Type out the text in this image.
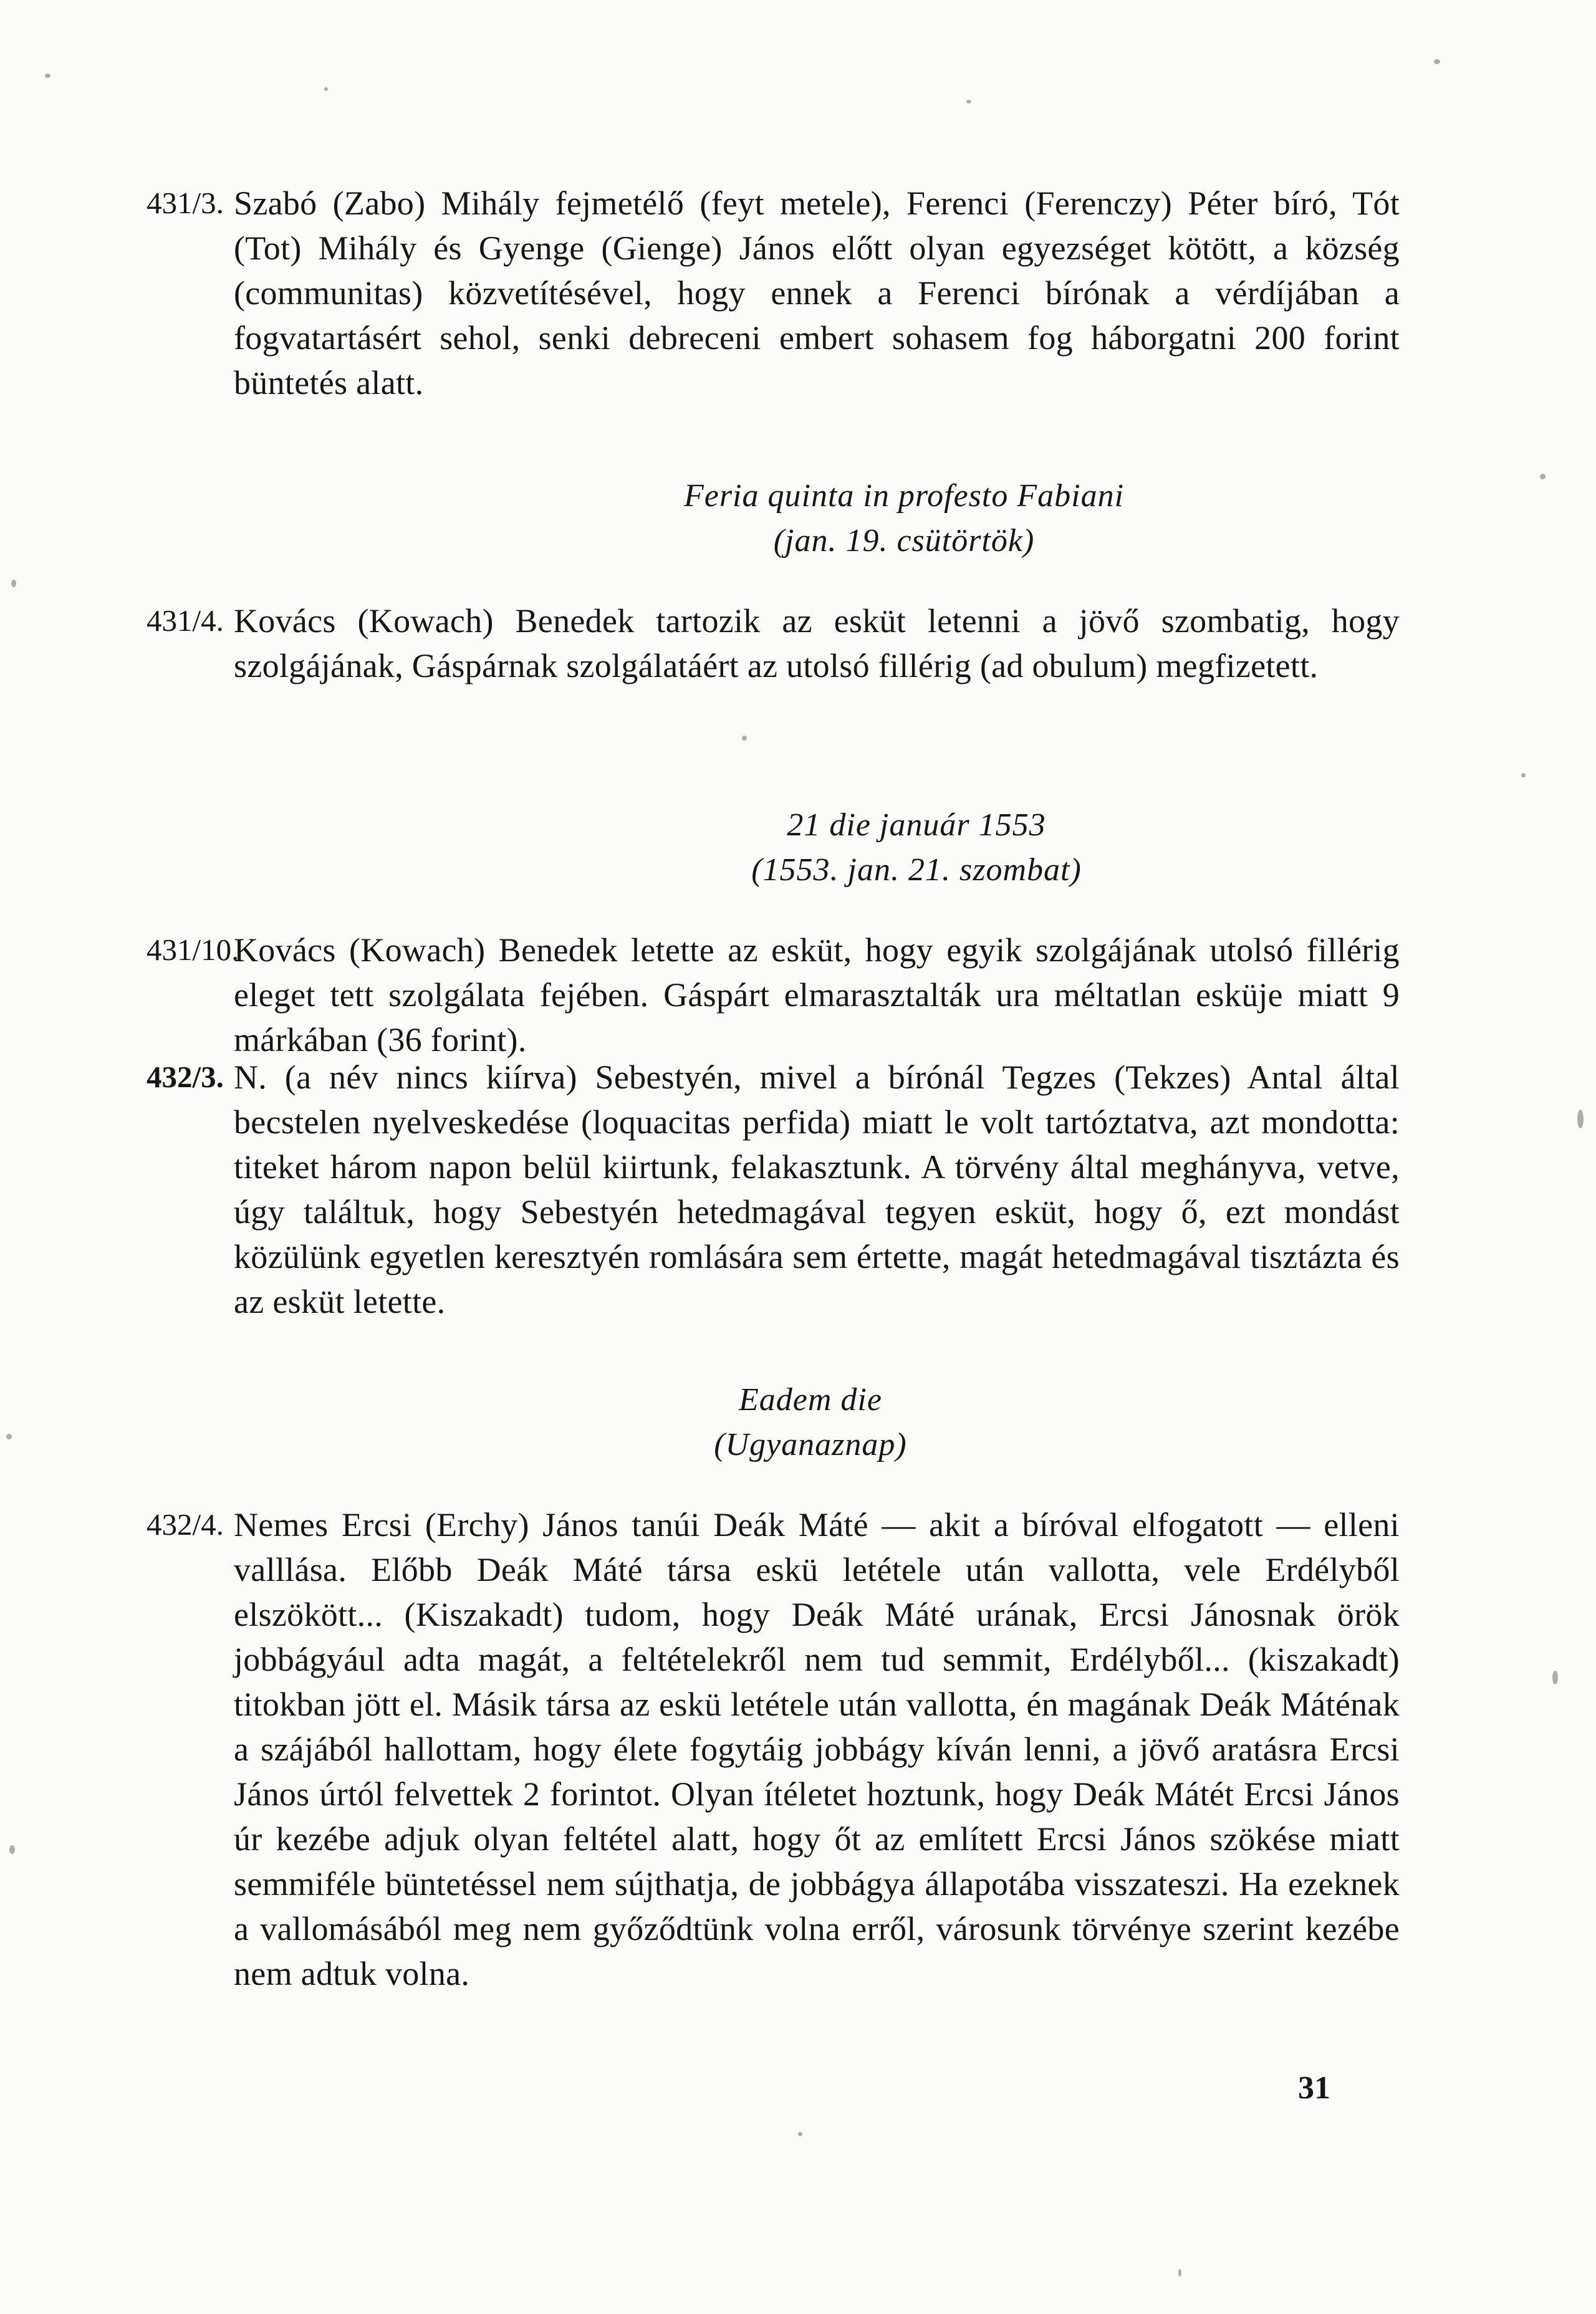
431/3. Szabó (Zabo) Mihály fejmetélő (feyt metele), Ferenci (Ferenczy) Péter bíró, Tót (Tot) Mihály és Gyenge (Gienge) János előtt olyan egyezséget kötött, a község (communitas) közvetítésével, hogy ennek a Ferenci bírónak a vérdíjában a fogvatartásért sehol, senki debreceni embert sohasem fog háborgatni 200 forint büntetés alatt.
Feria quinta in profesto Fabiani
(jan. 19. csütörtök)
431/4. Kovács (Kowach) Benedek tartozik az esküt letenni a jövő szombatig, hogy szolgájának, Gáspárnak szolgálatáért az utolsó fillérig (ad obulum) megfizetett.
21 die január 1553
(1553. jan. 21. szombat)
431/10.
Kovács (Kowach) Benedek letette az esküt, hogy egyik szolgájának utolsó fillérig eleget tett szolgálata fejében. Gáspárt elmarasztalták ura méltatlan esküje miatt 9 márkában (36 forint).
432/3. N. (a név nincs kiírva) Sebestyén, mivel a bírónál Tegzes (Tekzes) Antal által becstelen nyelveskedése (loquacitas perfida) miatt le volt tartóztatva, azt mondotta: titeket három napon belül kiirtunk, felakasztunk. A törvény által meghányva, vetve, úgy találtuk, hogy Sebestyén hetedmagával tegyen esküt, hogy ő, ezt mondást közülünk egyetlen keresztyén romlására sem értette, magát hetedmagával tisztázta és az esküt letette.
Eadem die
(Ugyanaznap)
432/4. Nemes Ercsi (Erchy) János tanúi Deák Máté — akit a bíróval elfogatott — elleni valllása. Előbb Deák Máté társa eskü letétele után vallotta, vele Erdélyből elszökött... (Kiszakadt) tudom, hogy Deák Máté urának, Ercsi Jánosnak örök jobbágyául adta magát, a feltételekről nem tud semmit, Erdélyből... (kiszakadt) titokban jött el. Másik társa az eskü letétele után vallotta, én magának Deák Máténak a szájából hallottam, hogy élete fogytáig jobbágy kíván lenni, a jövő aratásra Ercsi János úrtól felvettek 2 forintot. Olyan ítéletet hoztunk, hogy Deák Mátét Ercsi János úr kezébe adjuk olyan feltétel alatt, hogy őt az említett Ercsi János szökése miatt semmiféle büntetéssel nem sújthatja, de jobbágya állapotába visszateszi. Ha ezeknek a vallomásából meg nem győződtünk volna erről, városunk törvénye szerint kezébe nem adtuk volna.
31
